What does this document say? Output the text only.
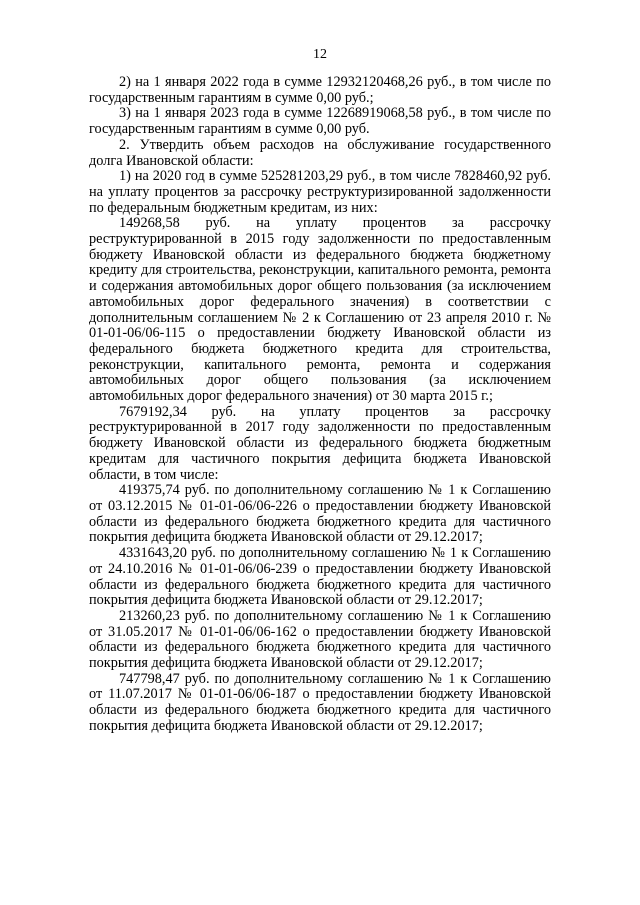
12

2) на 1 января 2022 года в сумме 12932120468,26 руб., в том числе по государственным гарантиям в сумме 0,00 руб.;

3) на 1 января 2023 года в сумме 12268919068,58 руб., в том числе по государственным гарантиям в сумме 0,00 руб.

2. Утвердить объем расходов на обслуживание государственного долга Ивановской области:

1) на 2020 год в сумме 525281203,29 руб., в том числе 7828460,92 руб. на уплату процентов за рассрочку реструктуризированной задолженности по федеральным бюджетным кредитам, из них:

149268,58 руб. на уплату процентов за рассрочку реструктурированной в 2015 году задолженности по предоставленным бюджету Ивановской области из федерального бюджета бюджетному кредиту для строительства, реконструкции, капитального ремонта, ремонта и содержания автомобильных дорог общего пользования (за исключением автомобильных дорог федерального значения) в соответствии с дополнительным соглашением № 2 к Соглашению от 23 апреля 2010 г. № 01-01-06/06-115 о предоставлении бюджету Ивановской области из федерального бюджета бюджетного кредита для строительства, реконструкции, капитального ремонта, ремонта и содержания автомобильных дорог общего пользования (за исключением автомобильных дорог федерального значения) от 30 марта 2015 г.;

7679192,34 руб. на уплату процентов за рассрочку реструктурированной в 2017 году задолженности по предоставленным бюджету Ивановской области из федерального бюджета бюджетным кредитам для частичного покрытия дефицита бюджета Ивановской области, в том числе:

419375,74 руб. по дополнительному соглашению № 1 к Соглашению от 03.12.2015 № 01-01-06/06-226 о предоставлении бюджету Ивановской области из федерального бюджета бюджетного кредита для частичного покрытия дефицита бюджета Ивановской области от 29.12.2017;

4331643,20 руб. по дополнительному соглашению № 1 к Соглашению от 24.10.2016 № 01-01-06/06-239 о предоставлении бюджету Ивановской области из федерального бюджета бюджетного кредита для частичного покрытия дефицита бюджета Ивановской области от 29.12.2017;

213260,23 руб. по дополнительному соглашению № 1 к Соглашению от 31.05.2017 № 01-01-06/06-162 о предоставлении бюджету Ивановской области из федерального бюджета бюджетного кредита для частичного покрытия дефицита бюджета Ивановской области от 29.12.2017;

747798,47 руб. по дополнительному соглашению № 1 к Соглашению от 11.07.2017 № 01-01-06/06-187 о предоставлении бюджету Ивановской области из федерального бюджета бюджетного кредита для частичного покрытия дефицита бюджета Ивановской области от 29.12.2017;
